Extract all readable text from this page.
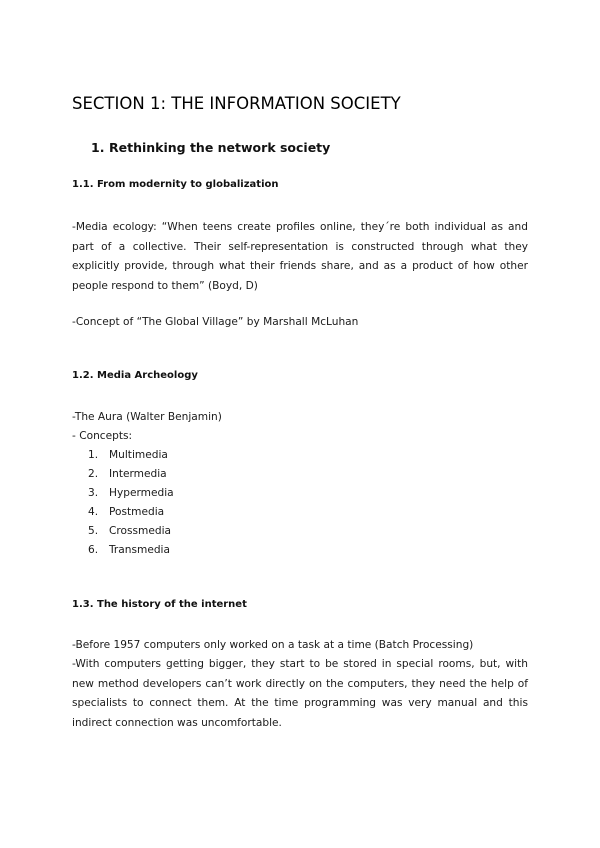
SECTION 1: THE INFORMATION SOCIETY
1. Rethinking the network society
1.1. From modernity to globalization

-Media ecology: “When teens create profiles online, they´re both individual as and part of a collective. Their self-representation is constructed through what they explicitly provide, through what their friends share, and as a product of how other people respond to them” (Boyd, D)

-Concept of “The Global Village” by Marshall McLuhan

1.2. Media Archeology

-The Aura (Walter Benjamin)

- Concepts:

1. Multimedia
2. Intermedia
3. Hypermedia
4. Postmedia
5. Crossmedia
6. Transmedia
1.3. The history of the internet

-Before 1957 computers only worked on a task at a time (Batch Processing)

-With computers getting bigger, they start to be stored in special rooms, but, with new method developers can’t work directly on the computers, they need the help of specialists to connect them. At the time programming was very manual and this indirect connection was uncomfortable.
